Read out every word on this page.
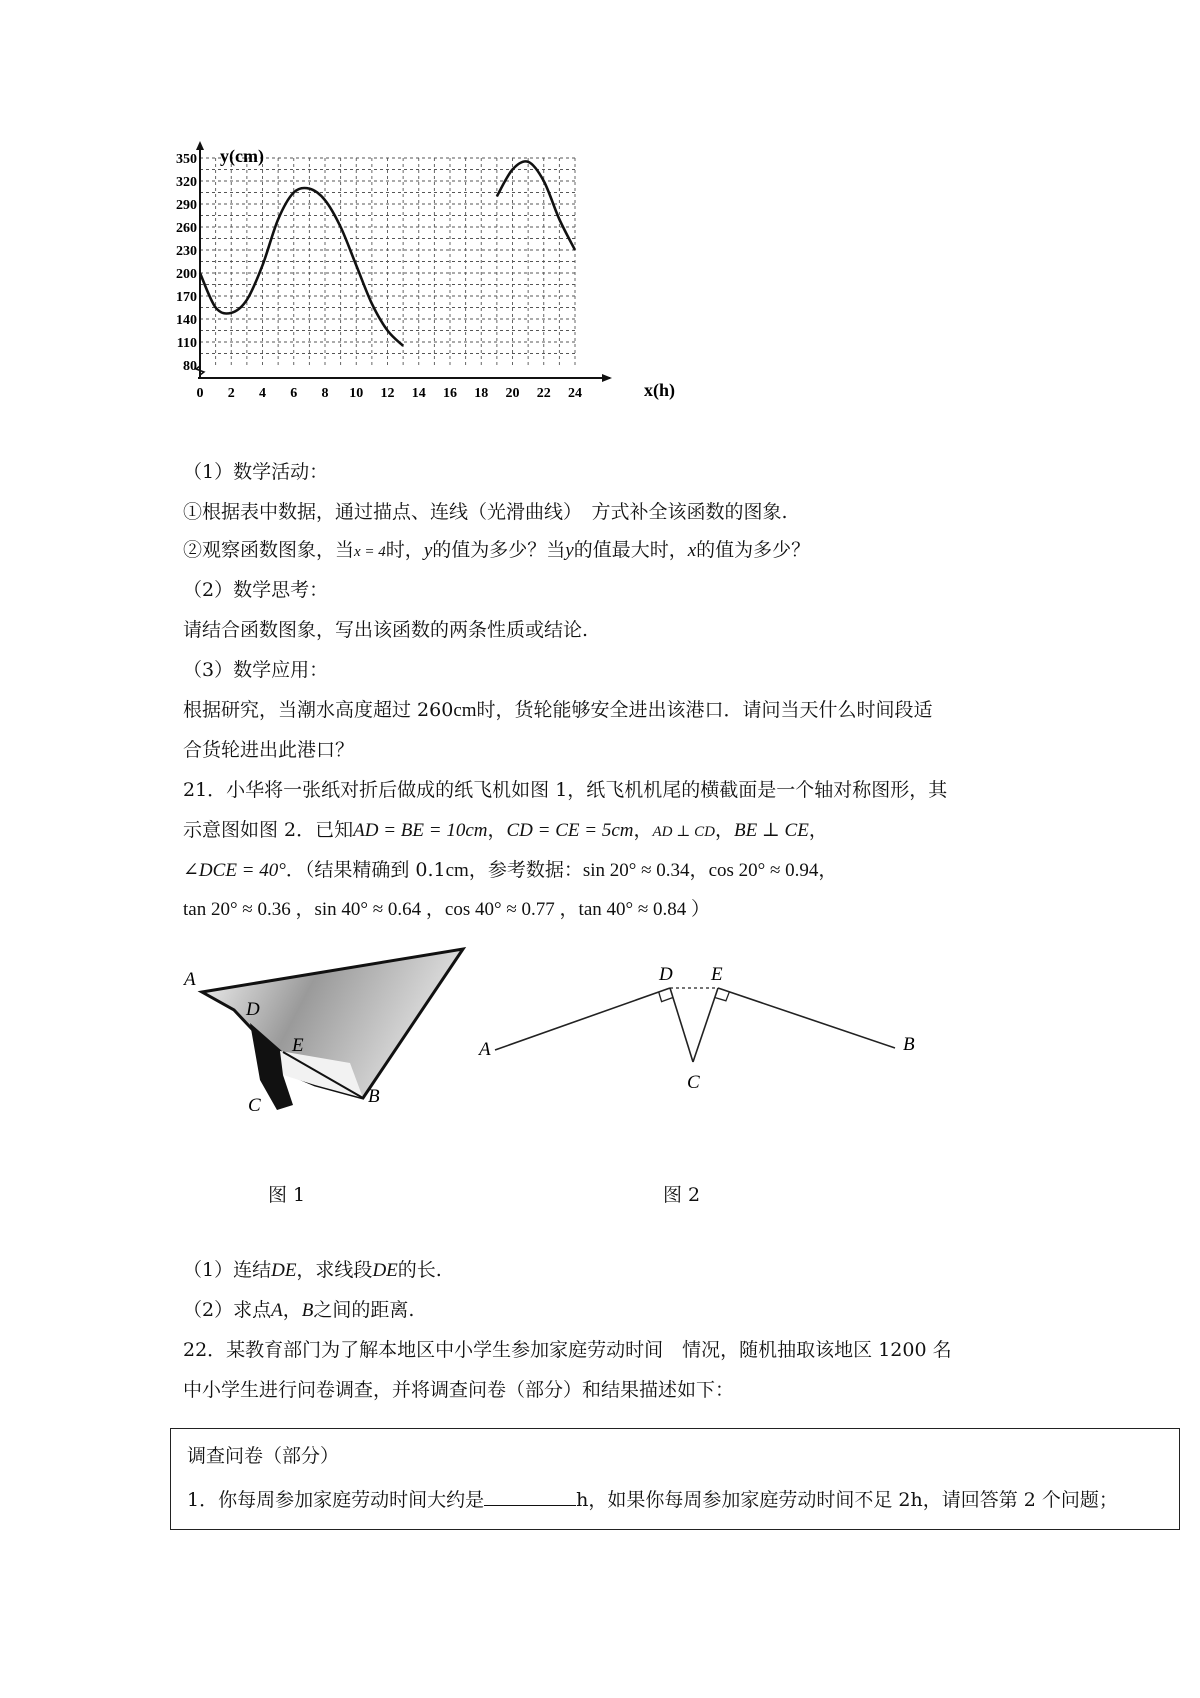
0 2 4 6 8 10 12 14 16 18 20 22 24
80
110
140
170
200
230
260
290
320
350 y(cm)
x(h)
（1）数学活动：
①根据表中数据，通过描点、连线（光滑曲线）　方式补全该函数的图象.
②观察函数图象，当x = 4时，y的值为多少？当y的值最大时，x的值为多少？
（2）数学思考：
请结合函数图象，写出该函数的两条性质或结论.
（3）数学应用：
根据研究，当潮水高度超过 260cm时，货轮能够安全进出该港口．请问当天什么时间段适
合货轮进出此港口？
21．小华将一张纸对折后做成的纸飞机如图 1，纸飞机机尾的横截面是一个轴对称图形，其
示意图如图 2．已知AD = BE = 10cm，CD = CE = 5cm，AD ⊥ CD，BE ⊥ CE，
∠DCE = 40°．（结果精确到 0.1cm，参考数据：sin 20° ≈ 0.34，cos 20° ≈ 0.94，
tan 20° ≈ 0.36 ，sin 40° ≈ 0.64 ，cos 40° ≈ 0.77 ，tan 40° ≈ 0.84 ）
A
D
E
C	B
A
D E
C
B
图 1	图 2
（1）连结DE，求线段DE的长.
（2）求点A，B之间的距离.
22．某教育部门为了解本地区中小学生参加家庭劳动时间　情况，随机抽取该地区 1200 名
中小学生进行问卷调查，并将调查问卷（部分）和结果描述如下：
调查问卷（部分）
1．你每周参加家庭劳动时间大约是	h，如果你每周参加家庭劳动时间不足 2h，请回答第 2 个问题；
